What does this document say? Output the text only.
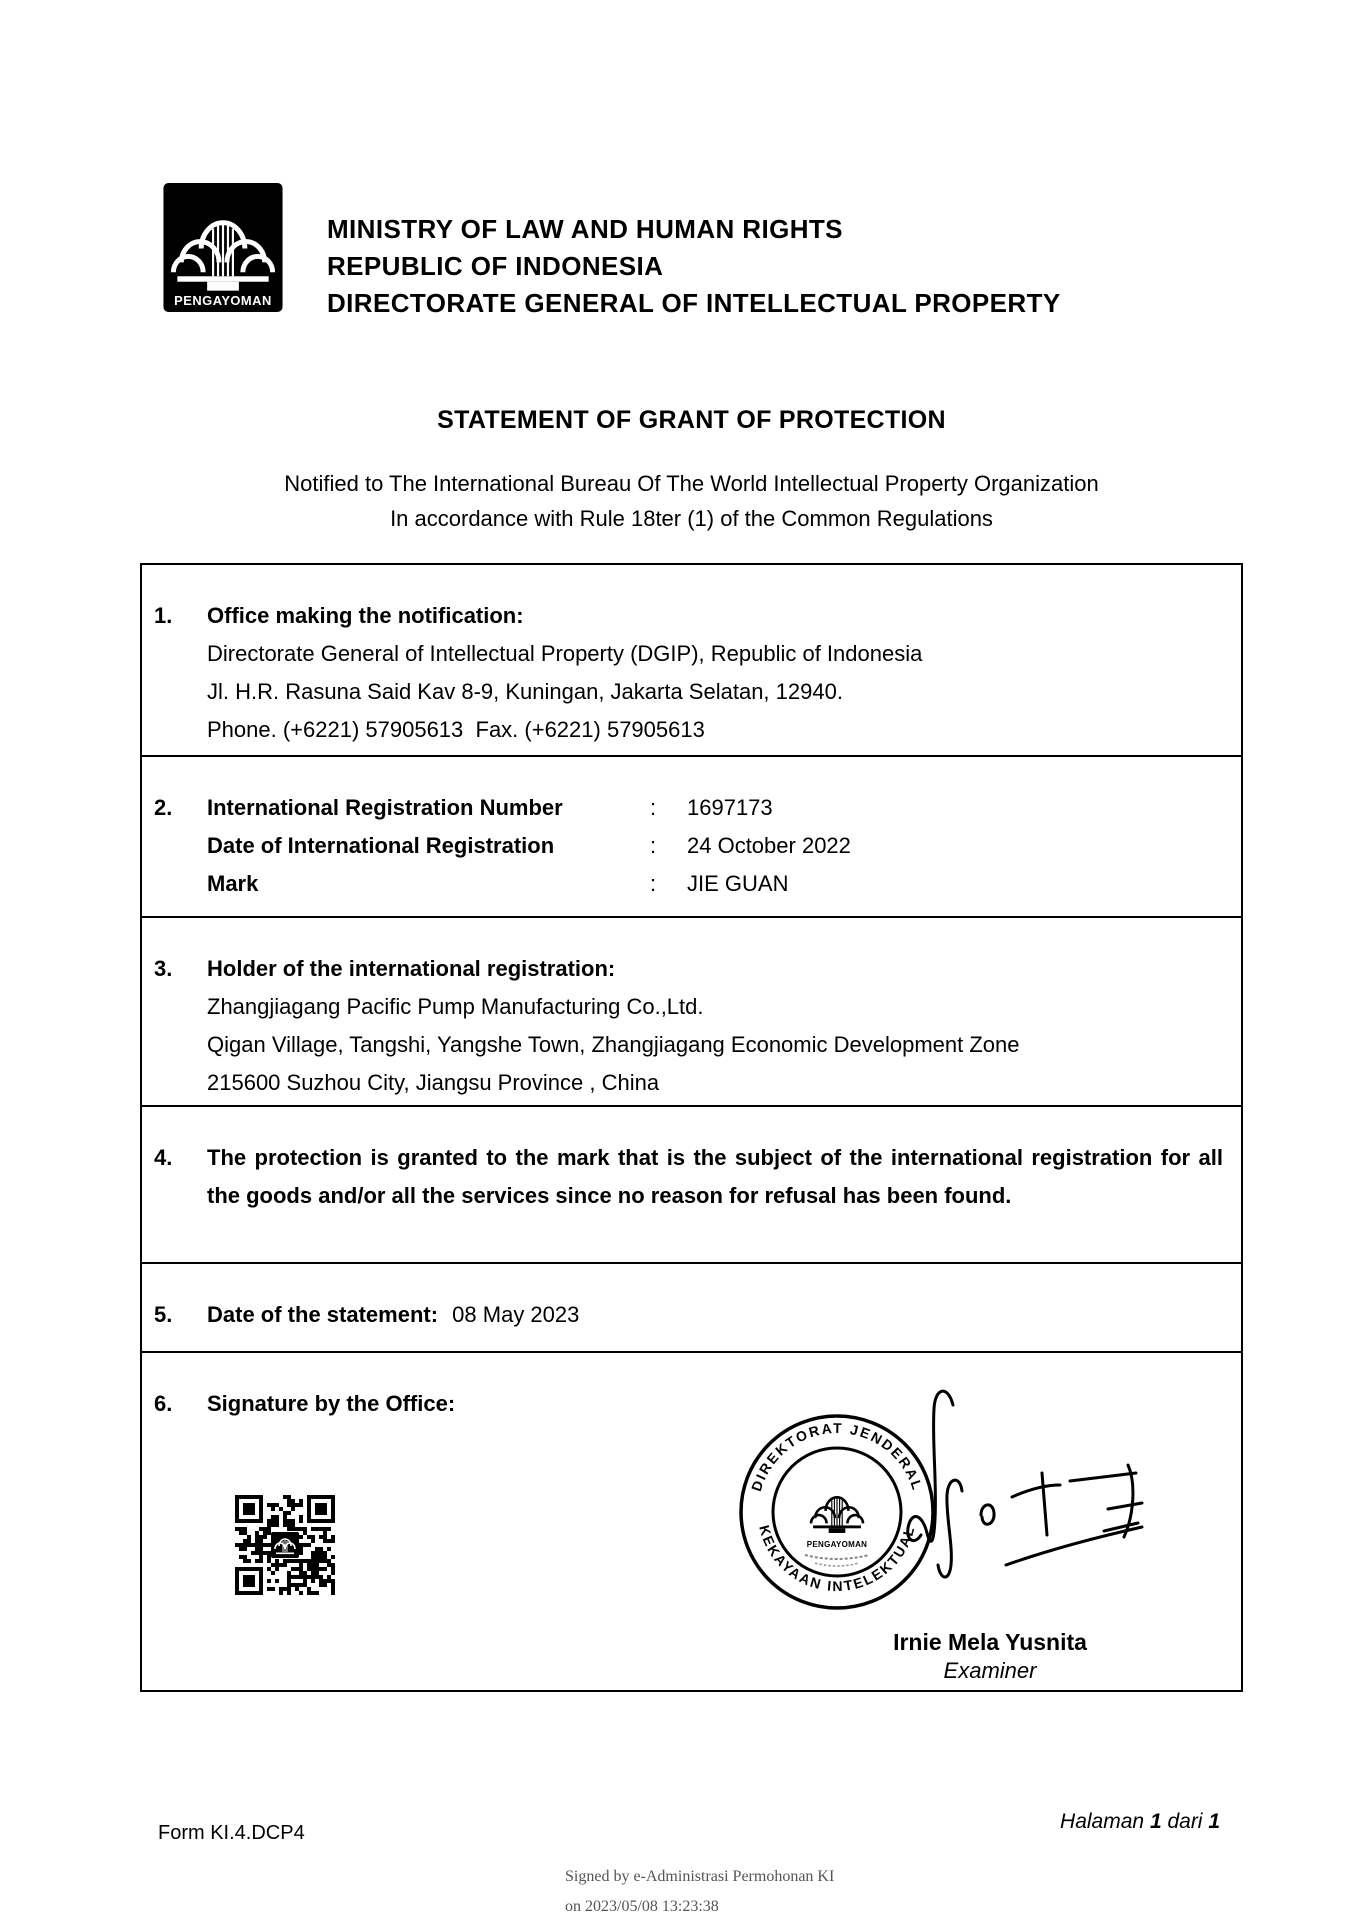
PENGAYOMAN
MINISTRY OF LAW AND HUMAN RIGHTS
REPUBLIC OF INDONESIA
DIRECTORATE GENERAL OF INTELLECTUAL PROPERTY
STATEMENT OF GRANT OF PROTECTION
Notified to The International Bureau Of The World Intellectual Property Organization
In accordance with Rule 18ter (1) of the Common Regulations
1.	Office making the notification:
Directorate General of Intellectual Property (DGIP), Republic of Indonesia
Jl. H.R. Rasuna Said Kav 8-9, Kuningan, Jakarta Selatan, 12940.
Phone. (+6221) 57905613  Fax. (+6221) 57905613
2.	International Registration Number	:	1697173
Date of International Registration	:	24 October 2022
Mark	:	JIE GUAN
3.	Holder of the international registration:
Zhangjiagang Pacific Pump Manufacturing Co.,Ltd.
Qigan Village, Tangshi, Yangshe Town, Zhangjiagang Economic Development Zone
215600 Suzhou City, Jiangsu Province , China
4.	The protection is granted to the mark that is the subject of the international registration for all the goods and/or all the services since no reason for refusal has been found.

5.	Date of the statement: 08 May 2023
6.	Signature by the Office:
DIREKTORAT JENDERAL
KEKAYAAN INTELEKTUAL
PENGAYOMAN
Irnie Mela Yusnita
Examiner
Form KI.4.DCP4	Halaman 1 dari 1
Signed by e-Administrasi Permohonan KI
on 2023/05/08 13:23:38
